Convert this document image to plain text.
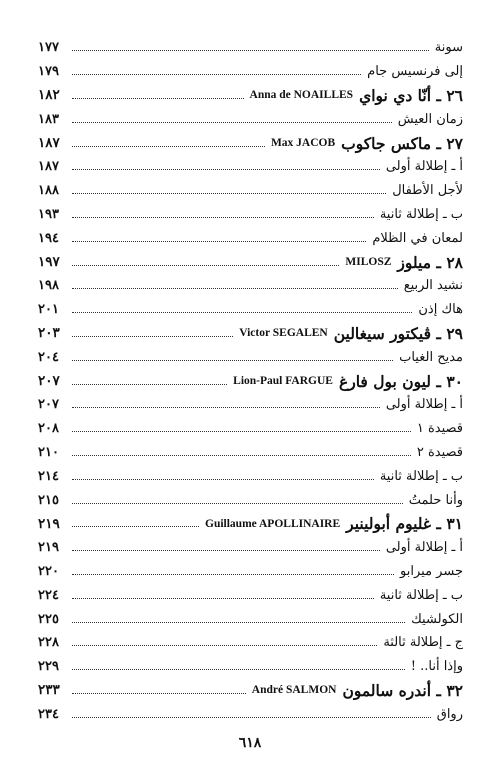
سونة
١٧٧
إلى فرنسيس جام
١٧٩
٢٦ ـ أنّا دي نواي
Anna de NOAILLES
١٨٢
زمان العيش
١٨٣
٢٧ ـ ماكس جاكوب
Max JACOB
١٨٧
أ ـ إطلالة أولى
١٨٧
لأجل الأطفال
١٨٨
ب ـ إطلالة ثانية
١٩٣
لمعان في الظلام
١٩٤
٢٨ ـ ميلوز
MILOSZ
١٩٧
نشيد الربيع
١٩٨
هاك إذن
٢٠١
٢٩ ـ ڤيكتور سيغالين
Victor SEGALEN
٢٠٣
مديح الغياب
٢٠٤
٣٠ ـ ليون بول فارغ
Lion-Paul FARGUE
٢٠٧
أ ـ إطلالة أولى
٢٠٧
قصيدة ١
٢٠٨
قصيدة ٢
٢١٠
ب ـ إطلالة ثانية
٢١٤
وأنا حلمتُ
٢١٥
٣١ ـ غليوم أبولينير
Guillaume APOLLINAIRE
٢١٩
أ ـ إطلالة أولى
٢١٩
جسر ميرابو
٢٢٠
ب ـ إطلالة ثانية
٢٢٤
الكولشيك
٢٢٥
ج ـ إطلالة ثالثة
٢٢٨
وإذا أنا.. !
٢٢٩
٣٢ ـ أندره سالمون
André SALMON
٢٣٣
رواق
٢٣٤
٦١٨
